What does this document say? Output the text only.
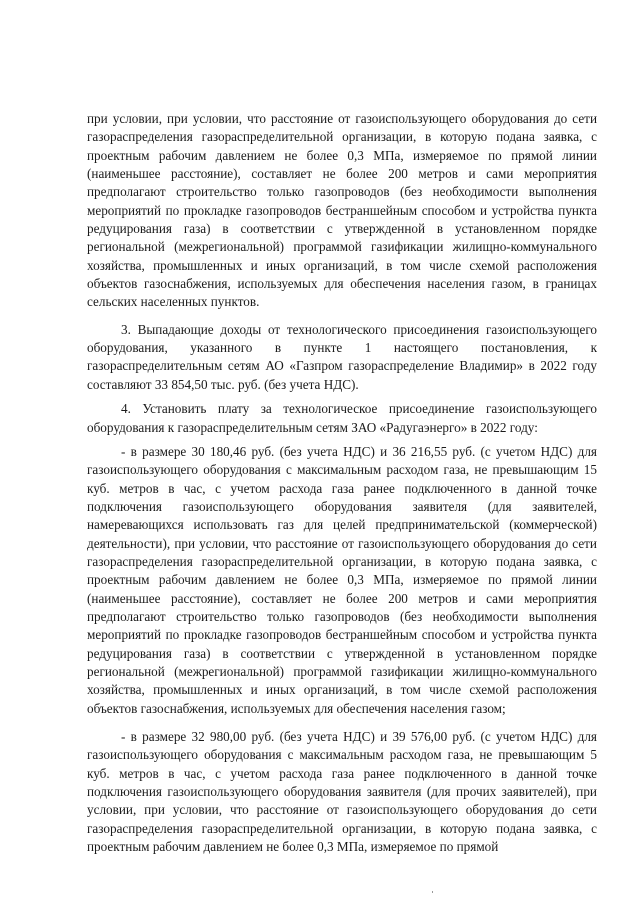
при условии, при условии, что расстояние от газоиспользующего оборудования до сети газораспределения газораспределительной организации, в которую подана заявка, с проектным рабочим давлением не более 0,3 МПа, измеряемое по прямой линии (наименьшее расстояние), составляет не более 200 метров и сами мероприятия предполагают строительство только газопроводов (без необходимости выполнения мероприятий по прокладке газопроводов бестраншейным способом и устройства пункта редуцирования газа) в соответствии с утвержденной в установленном порядке региональной (межрегиональной) программой газификации жилищно-коммунального хозяйства, промышленных и иных организаций, в том числе схемой расположения объектов газоснабжения, используемых для обеспечения населения газом, в границах сельских населенных пунктов.

3. Выпадающие доходы от технологического присоединения газоиспользующего оборудования, указанного в пункте 1 настоящего постановления, к газораспределительным сетям АО «Газпром газораспределение Владимир» в 2022 году составляют 33 854,50 тыс. руб. (без учета НДС).

4. Установить плату за технологическое присоединение газоиспользующего оборудования к газораспределительным сетям ЗАО «Радугаэнерго» в 2022 году:

- в размере 30 180,46 руб. (без учета НДС) и 36 216,55 руб. (с учетом НДС) для газоиспользующего оборудования с максимальным расходом газа, не превышающим 15 куб. метров в час, с учетом расхода газа ранее подключенного в данной точке подключения газоиспользующего оборудования заявителя (для заявителей, намеревающихся использовать газ для целей предпринимательской (коммерческой) деятельности), при условии, что расстояние от газоиспользующего оборудования до сети газораспределения газораспределительной организации, в которую подана заявка, с проектным рабочим давлением не более 0,3 МПа, измеряемое по прямой линии (наименьшее расстояние), составляет не более 200 метров и сами мероприятия предполагают строительство только газопроводов (без необходимости выполнения мероприятий по прокладке газопроводов бестраншейным способом и устройства пункта редуцирования газа) в соответствии с утвержденной в установленном порядке региональной (межрегиональной) программой газификации жилищно-коммунального хозяйства, промышленных и иных организаций, в том числе схемой расположения объектов газоснабжения, используемых для обеспечения населения газом;

- в размере 32 980,00 руб. (без учета НДС) и 39 576,00 руб. (с учетом НДС) для газоиспользующего оборудования с максимальным расходом газа, не превышающим 5 куб. метров в час, с учетом расхода газа ранее подключенного в данной точке подключения газоиспользующего оборудования заявителя (для прочих заявителей), при условии, при условии, что расстояние от газоиспользующего оборудования до сети газораспределения газораспределительной организации, в которую подана заявка, с проектным рабочим давлением не более 0,3 МПа, измеряемое по прямой
